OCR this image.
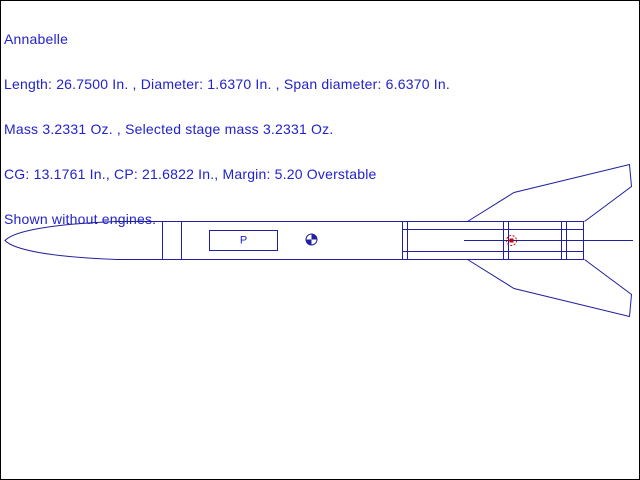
Annabelle

Length: 26.7500 In. , Diameter: 1.6370 In. , Span diameter: 6.6370 In.

Mass 3.2331 Oz. , Selected stage mass 3.2331 Oz.

CG: 13.1761 In., CP: 21.6822 In., Margin: 5.20 Overstable

Shown without engines.

P
